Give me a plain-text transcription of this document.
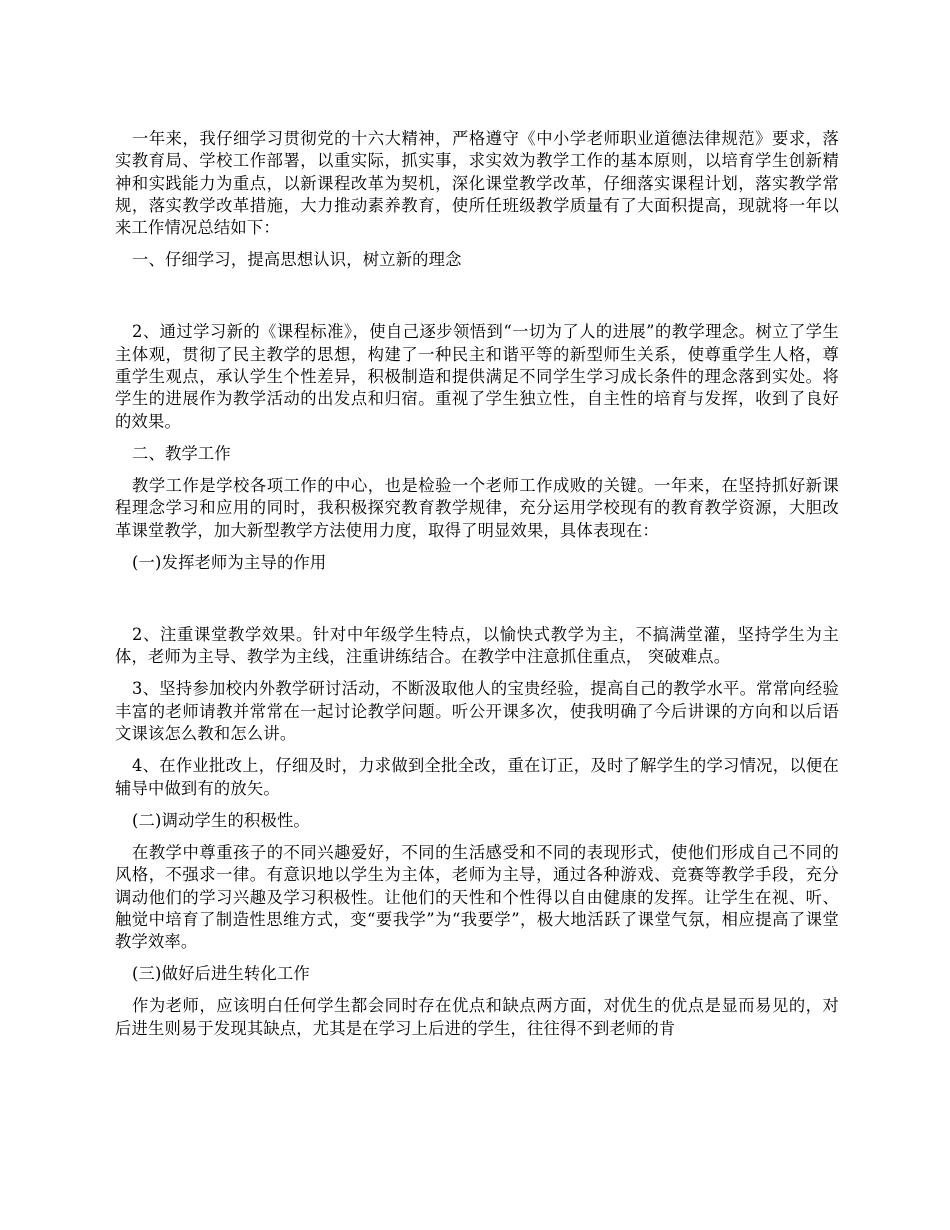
一年来，我仔细学习贯彻党的十六大精神，严格遵守《中小学老师职业道德法律规范》要求，落实教育局、学校工作部署，以重实际，抓实事，求实效为教学工作的基本原则，以培育学生创新精神和实践能力为重点，以新课程改革为契机，深化课堂教学改革，仔细落实课程计划，落实教学常规，落实教学改革措施，大力推动素养教育，使所任班级教学质量有了大面积提高，现就将一年以来工作情况总结如下：

一、仔细学习，提高思想认识，树立新的理念

2、通过学习新的《课程标准》，使自己逐步领悟到“一切为了人的进展”的教学理念。树立了学生主体观，贯彻了民主教学的思想，构建了一种民主和谐平等的新型师生关系，使尊重学生人格，尊重学生观点，承认学生个性差异，积极制造和提供满足不同学生学习成长条件的理念落到实处。将学生的进展作为教学活动的出发点和归宿。重视了学生独立性，自主性的培育与发挥，收到了良好的效果。

二、教学工作

教学工作是学校各项工作的中心，也是检验一个老师工作成败的关键。一年来，在坚持抓好新课程理念学习和应用的同时，我积极探究教育教学规律，充分运用学校现有的教育教学资源，大胆改革课堂教学，加大新型教学方法使用力度，取得了明显效果，具体表现在：

(一)发挥老师为主导的作用

2、注重课堂教学效果。针对中年级学生特点，以愉快式教学为主，不搞满堂灌，坚持学生为主体，老师为主导、教学为主线，注重讲练结合。在教学中注意抓住重点， 突破难点。

3、坚持参加校内外教学研讨活动，不断汲取他人的宝贵经验，提高自己的教学水平。常常向经验丰富的老师请教并常常在一起讨论教学问题。听公开课多次，使我明确了今后讲课的方向和以后语文课该怎么教和怎么讲。

4、在作业批改上，仔细及时，力求做到全批全改，重在订正，及时了解学生的学习情况，以便在辅导中做到有的放矢。

(二)调动学生的积极性。

在教学中尊重孩子的不同兴趣爱好，不同的生活感受和不同的表现形式，使他们形成自己不同的风格，不强求一律。有意识地以学生为主体，老师为主导，通过各种游戏、竞赛等教学手段，充分调动他们的学习兴趣及学习积极性。让他们的天性和个性得以自由健康的发挥。让学生在视、听、触觉中培育了制造性思维方式，变“要我学”为“我要学”，极大地活跃了课堂气氛，相应提高了课堂教学效率。

(三)做好后进生转化工作

作为老师，应该明白任何学生都会同时存在优点和缺点两方面，对优生的优点是显而易见的，对后进生则易于发现其缺点，尤其是在学习上后进的学生，往往得不到老师的肯
